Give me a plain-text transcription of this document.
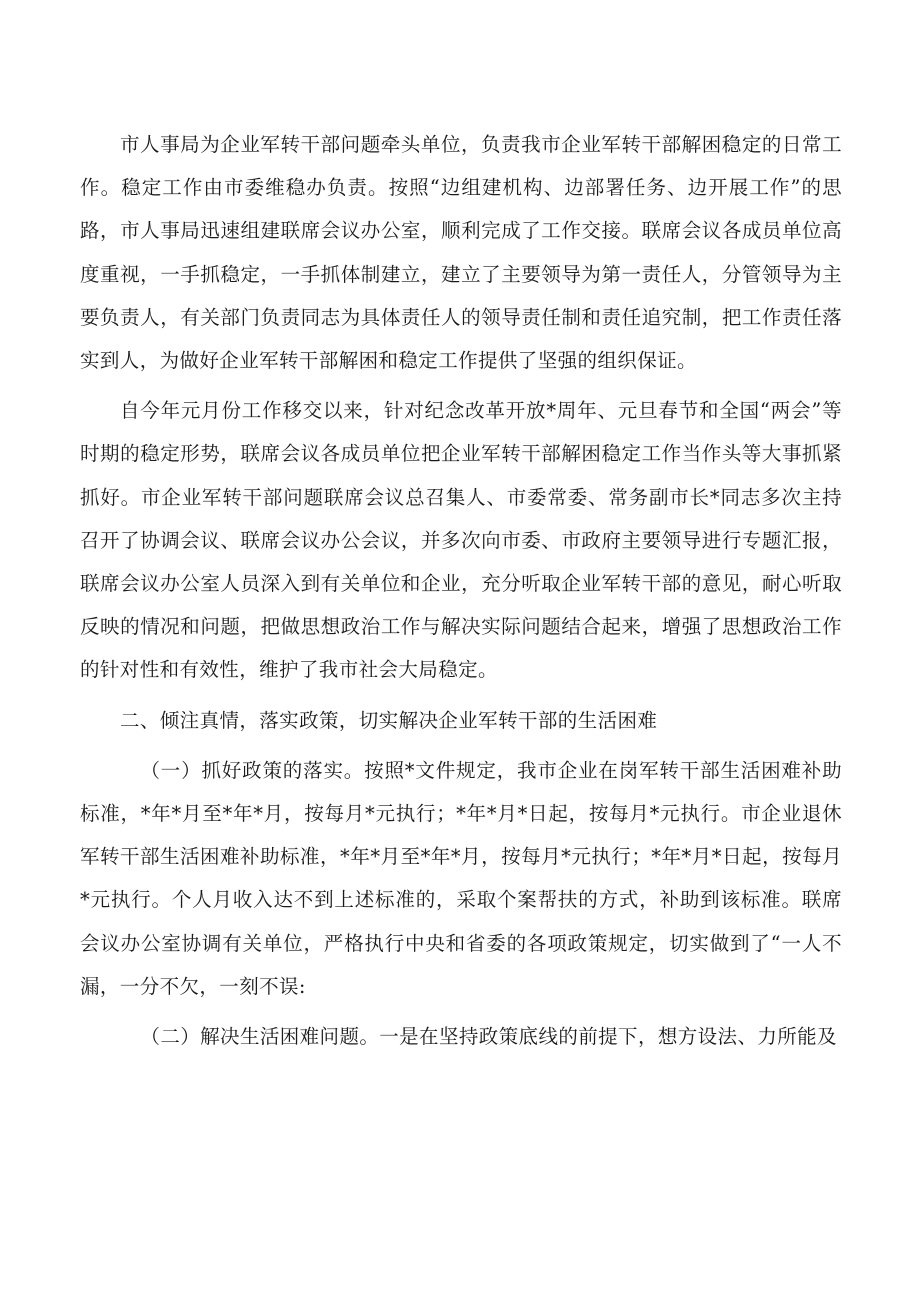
市人事局为企业军转干部问题牵头单位，负责我市企业军转干部解困稳定的日常工作。稳定工作由市委维稳办负责。按照“边组建机构、边部署任务、边开展工作”的思路，市人事局迅速组建联席会议办公室，顺利完成了工作交接。联席会议各成员单位高度重视，一手抓稳定，一手抓体制建立，建立了主要领导为第一责任人，分管领导为主要负责人，有关部门负责同志为具体责任人的领导责任制和责任追究制，把工作责任落实到人，为做好企业军转干部解困和稳定工作提供了坚强的组织保证。

自今年元月份工作移交以来，针对纪念改革开放*周年、元旦春节和全国“两会”等时期的稳定形势，联席会议各成员单位把企业军转干部解困稳定工作当作头等大事抓紧抓好。市企业军转干部问题联席会议总召集人、市委常委、常务副市长*同志多次主持召开了协调会议、联席会议办公会议，并多次向市委、市政府主要领导进行专题汇报，联席会议办公室人员深入到有关单位和企业，充分听取企业军转干部的意见，耐心听取反映的情况和问题，把做思想政治工作与解决实际问题结合起来，增强了思想政治工作的针对性和有效性，维护了我市社会大局稳定。

二、倾注真情，落实政策，切实解决企业军转干部的生活困难

（一）抓好政策的落实。按照*文件规定，我市企业在岗军转干部生活困难补助标准，*年*月至*年*月，按每月*元执行；*年*月*日起，按每月*元执行。市企业退休军转干部生活困难补助标准，*年*月至*年*月，按每月*元执行；*年*月*日起，按每月*元执行。个人月收入达不到上述标准的，采取个案帮扶的方式，补助到该标准。联席会议办公室协调有关单位，严格执行中央和省委的各项政策规定，切实做到了“一人不漏，一分不欠，一刻不误:

（二）解决生活困难问题。一是在坚持政策底线的前提下，想方设法、力所能及
